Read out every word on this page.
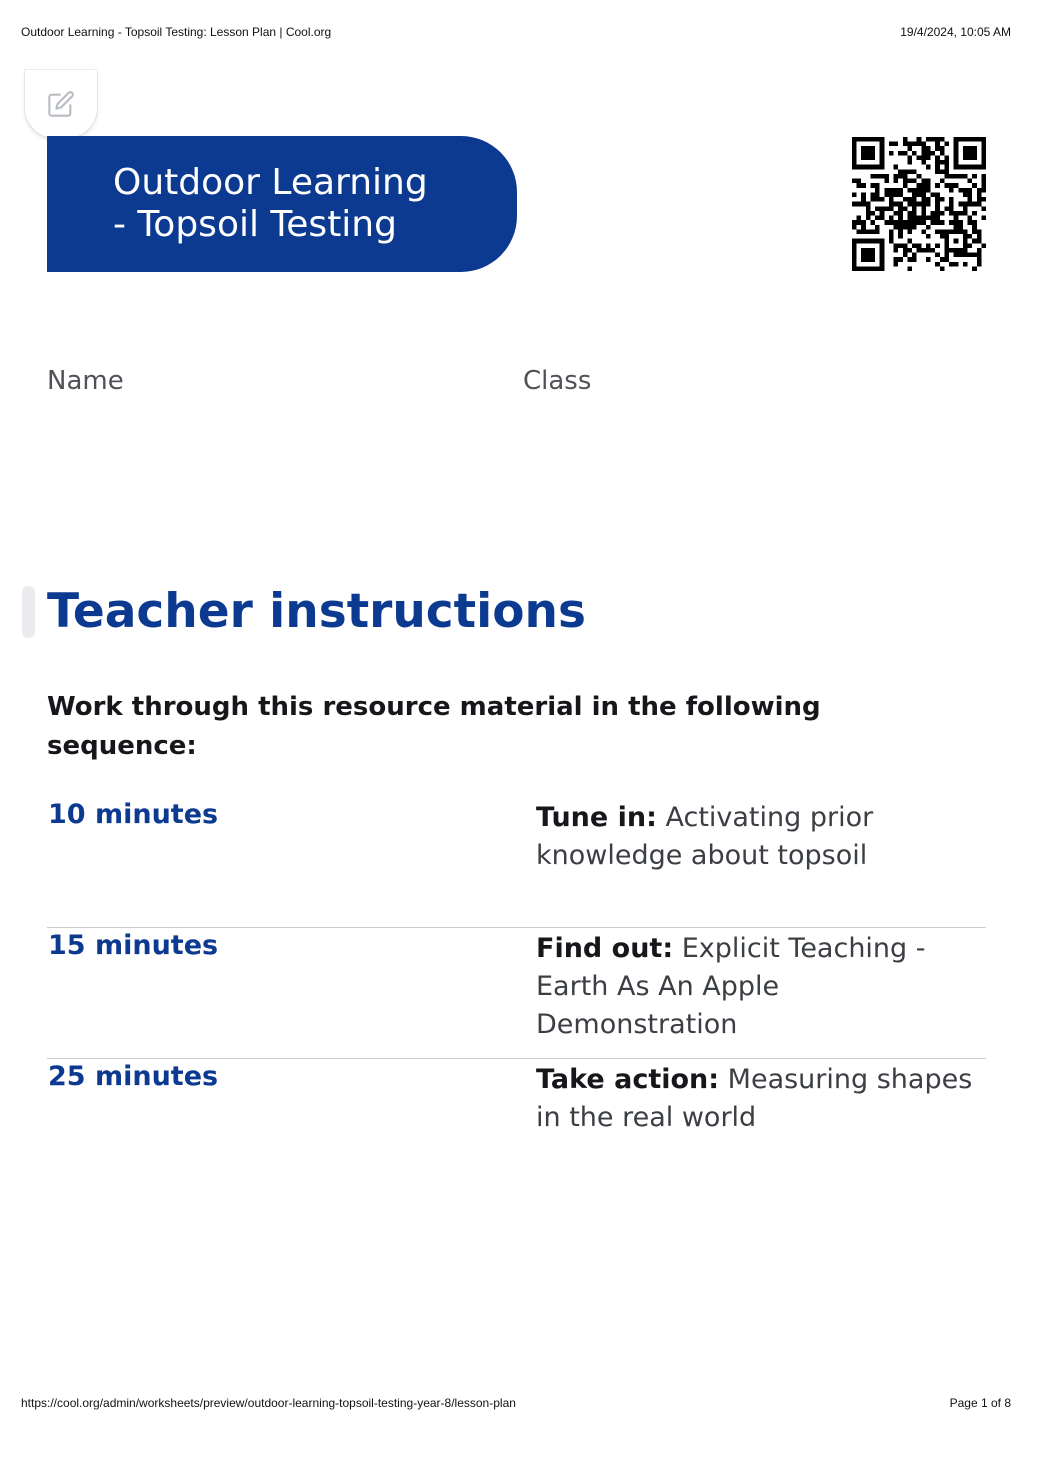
Outdoor Learning - Topsoil Testing: Lesson Plan | Cool.org	19/4/2024, 10:05 AM
Outdoor Learning
- Topsoil Testing
Name	Class
Teacher instructions

Work through this resource material in the following sequence:

10 minutes	Tune in: Activating prior knowledge about topsoil
15 minutes	Find out: Explicit Teaching - Earth As An Apple Demonstration
25 minutes	Take action: Measuring shapes in the real world
https://cool.org/admin/worksheets/preview/outdoor-learning-topsoil-testing-year-8/lesson-plan	Page 1 of 8
